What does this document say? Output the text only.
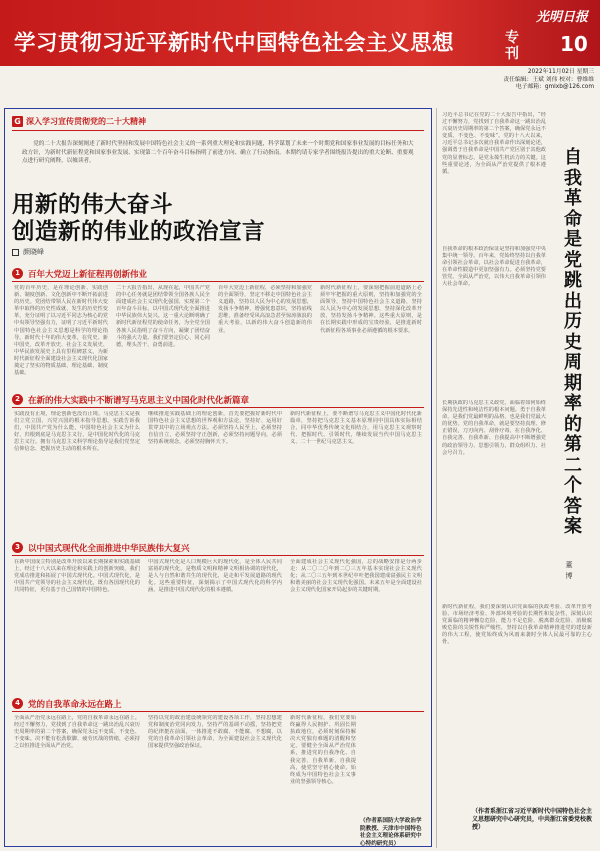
学习贯彻习近平新时代中国特色社会主义思想	专刊
光明日报
10
2022年11月02日 星期三
责任编辑：王斌 刘伟 校对：曹维维
电子邮箱：gmlxb@126.com
G 深入学习宣传贯彻党的二十大精神
党的二十大报告深刻阐述了新时代坚持和发展中国特色社会主义的一系列重大理论和实践问题，科学谋划了未来一个时期党和国家事业发展的目标任务和大政方针，为新时代新征程党和国家事业发展、实现第二个百年奋斗目标指明了前进方向、确立了行动指南。本期约请专家学者围绕报告提出的重大论断、重要观点进行研究阐释，以飨读者。
用新的伟大奋斗
创造新的伟业的政治宣言
颜晓峰
1 百年大党迈上新征程再创新伟业
党的百年历史，是在理论创新、实践创新、制度创新、文化创新中不断开拓前进的历史。党团结带领人民在新时代伟大变革中取得的历史性成就、发生的历史性变革，充分证明了以习近平同志为核心的党中央领导坚强有力，证明了习近平新时代中国特色社会主义思想是科学的理论指导。新时代十年的伟大变革，在党史、新中国史、改革开放史、社会主义发展史、中华民族发展史上具有里程碑意义，为新时代新征程全面建设社会主义现代化国家奠定了坚实的物质基础、理论基础、制度基础。
二十大报告指出，从现在起，中国共产党的中心任务就是团结带领全国各族人民全面建成社会主义现代化强国、实现第二个百年奋斗目标，以中国式现代化全面推进中华民族伟大复兴。这一重大论断明确了新时代新征程党的使命任务，为全党全国各族人民指明了奋斗方向，凝聚了团结奋斗的强大力量。我们要坚定信心、同心同德，埋头苦干、奋勇前进。
百年大党迈上新征程，必须坚持和加强党的全面领导，坚定不移走中国特色社会主义道路，坚持以人民为中心的发展思想，发扬斗争精神，增强忧患意识，坚持底线思维，准备经受风高浪急甚至惊涛骇浪的重大考验，以新的伟大奋斗创造新的伟业。
新时代新征程上，要深刻把握前进道路上必须牢牢把握的重大原则，坚持和加强党的全面领导，坚持中国特色社会主义道路，坚持以人民为中心的发展思想，坚持深化改革开放，坚持发扬斗争精神。这些重大原则，是在长期实践中形成的宝贵经验，是推进新时代新征程各项事业必须遵循的根本要求。
2 在新的伟大实践中不断谱写马克思主义中国化时代化新篇章
实践没有止境，理论创新也没有止境。马克思主义是我们立党立国、兴党兴国的根本指导思想。实践告诉我们，中国共产党为什么能，中国特色社会主义为什么好，归根到底是马克思主义行，是中国化时代化的马克思主义行。拥有马克思主义科学理论指导是我们党坚定信仰信念、把握历史主动的根本所在。
继续推进实践基础上的理论创新，首先要把握好新时代中国特色社会主义思想的世界观和方法论，坚持好、运用好贯穿其中的立场观点方法。必须坚持人民至上，必须坚持自信自立，必须坚持守正创新，必须坚持问题导向，必须坚持系统观念，必须坚持胸怀天下。
新时代新征程上，要不断谱写马克思主义中国化时代化新篇章，坚持把马克思主义基本原理同中国具体实际相结合、同中华优秀传统文化相结合，用马克思主义观察时代、把握时代、引领时代，继续发展当代中国马克思主义、二十一世纪马克思主义。
3 以中国式现代化全面推进中华民族伟大复兴
在新中国成立特别是改革开放以来长期探索和实践基础上，经过十八大以来在理论和实践上的创新突破，我们党成功推进和拓展了中国式现代化。中国式现代化，是中国共产党领导的社会主义现代化，既有各国现代化的共同特征，更有基于自己国情的中国特色。
中国式现代化是人口规模巨大的现代化，是全体人民共同富裕的现代化，是物质文明和精神文明相协调的现代化，是人与自然和谐共生的现代化，是走和平发展道路的现代化。这些重要特征，深刻揭示了中国式现代化的科学内涵，是推进中国式现代化的根本遵循。
全面建成社会主义现代化强国，总的战略安排是分两步走：从二〇二〇年到二〇三五年基本实现社会主义现代化；从二〇三五年到本世纪中叶把我国建成富强民主文明和谐美丽的社会主义现代化强国。未来五年是全面建设社会主义现代化国家开局起步的关键时期。
4 党的自我革命永远在路上
全面从严治党永远在路上，党的自我革命永远在路上。经过不懈努力，党找到了自我革命这一跳出治乱兴衰历史周期率的第二个答案，确保党永远不变质、不变色、不变味。决不能有松劲歇脚、疲劳厌战的情绪，必须持之以恒推进全面从严治党。
坚持以党的政治建设统领党的建设各项工作，坚持思想建党和制度治党同向发力，坚持严的基调不动摇，坚持把党的纪律挺在前面，一体推进不敢腐、不能腐、不想腐，以党的自我革命引领社会革命，为全面建设社会主义现代化国家提供坚强政治保证。
新时代新征程，我们党要始终赢得人民拥护、巩固长期执政地位，必须时刻保持解决大党独有难题的清醒和坚定。要健全全面从严治党体系，推进党的自我净化、自我完善、自我革新、自我提高，使党坚守初心使命，始终成为中国特色社会主义事业的坚强领导核心。
（作者系国防大学政治学院教授、天津市中国特色社会主义理论体系研究中心特约研究员）
习近平总书记在党的二十大报告中指出，“经过不懈努力，党找到了自我革命这一跳出治乱兴衰历史周期率的第二个答案，确保党永远不变质、不变色、不变味”。党的十八大以来，习近平总书记多次就自我革命作出深刻论述，强调勇于自我革命是中国共产党区别于其他政党的显著标志，是党永葆生机活力的关键。这些重要论述，为全面从严治党提供了根本遵循。
自我革命的根本政治保证是坚持和加强党中央集中统一领导。百年来，党始终坚持以自我革命引领社会革命，以社会革命促进自我革命，在革命性锻造中更加坚强有力。必须坚持党要管党、全面从严治党，以伟大自我革命引领伟大社会革命。
长期执政的马克思主义政党，面临着如何始终保持先进性和纯洁性的根本问题。勇于自我革命，是我们党最鲜明的品格，也是我们党最大的优势。党的自我革命，就是要坚持真理、修正错误，刀刃向内、刮骨疗毒，在自我净化、自我完善、自我革新、自我提高中不断增强党的政治领导力、思想引领力、群众组织力、社会号召力。
新时代新征程，我们要深刻认识党面临的执政考验、改革开放考验、市场经济考验、外部环境考验的长期性和复杂性，深刻认识党面临的精神懈怠危险、能力不足危险、脱离群众危险、消极腐败危险的尖锐性和严峻性，坚持以自我革命精神推进党的建设新的伟大工程，使党始终成为风雨来袭时全体人民最可靠的主心骨。
自我革命是党跳出历史周期率的第二个答案
董 博
（作者系浙江省习近平新时代中国特色社会主义思想研究中心研究员，中共浙江省委党校教授）
